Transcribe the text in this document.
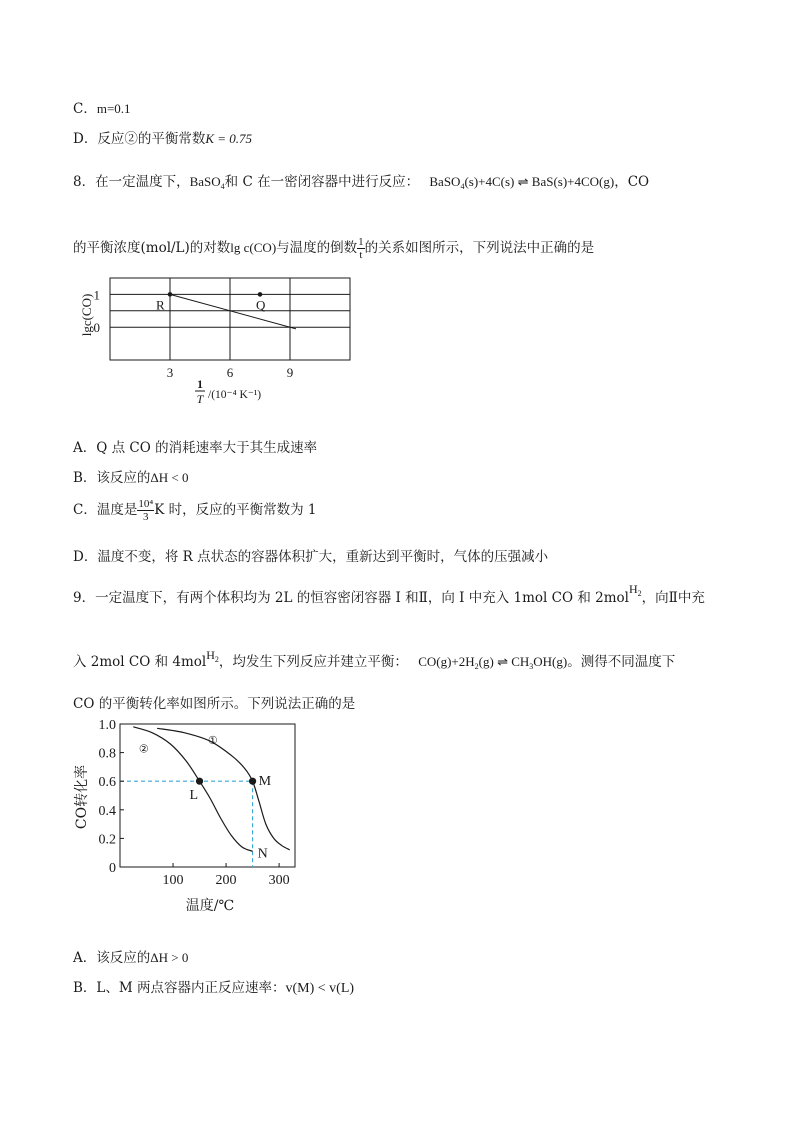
C．m=0.1
D．反应②的平衡常数K = 0.75
8．在一定温度下，BaSO$_4$和 C 在一密闭容器中进行反应： BaSO$_4$(s)+4C(s) ⇌ BaS(s)+4CO(g)，CO
的平衡浓度(mol/L)的对数lg c(CO)与温度的倒数 $\frac{1}{t}$ 的关系如图所示，下列说法中正确的是
R	Q
3	6	9
1
0
lgc(CO)
1
T /(10⁻⁴ K⁻¹)
A．Q 点 CO 的消耗速率大于其生成速率
B．该反应的ΔH < 0
C．温度是 $\frac{\text{10⁴}}{3}$ K 时，反应的平衡常数为 1
D．温度不变，将 R 点状态的容器体积扩大，重新达到平衡时，气体的压强减小
9．一定温度下，有两个体积均为 2L 的恒容密闭容器 I 和Ⅱ，向 I 中充入 1mol CO 和 2molH$_2$，向Ⅱ中充
入 2mol CO 和 4molH$_2$，均发生下列反应并建立平衡： $CO(g)+2H_2(g)$ ⇌ $CH_3OH(g)$。测得不同温度下
CO 的平衡转化率如图所示。下列说法正确的是
L
M
N
100 200 300
1.0
0.8
0.6
0.4
0.2
0
②
①
CO转化率
温度/℃
A．该反应的ΔH > 0
B．L、M 两点容器内正反应速率：v(M) < v(L)
